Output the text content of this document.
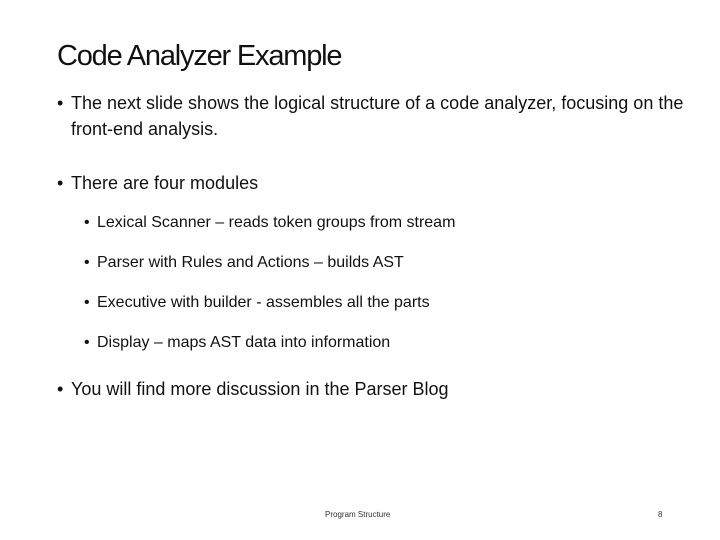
Code Analyzer Example
• The next slide shows the logical structure of a code analyzer, focusing on the front-end analysis.
• There are four modules
• Lexical Scanner – reads token groups from stream
• Parser with Rules and Actions – builds AST
• Executive with builder - assembles all the parts
• Display – maps AST data into information
• You will find more discussion in the Parser Blog
Program Structure	8
